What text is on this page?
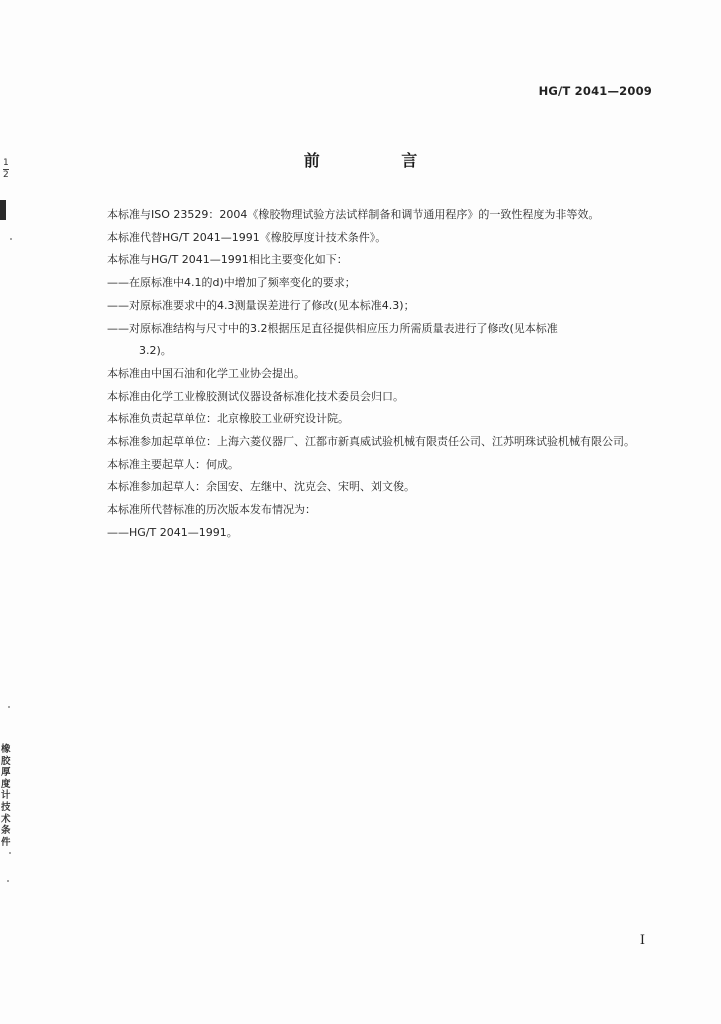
HG/T 2041—2009
前 言

本标准与ISO 23529：2004《橡胶物理试验方法试样制备和调节通用程序》的一致性程度为非等效。

本标准代替HG/T 2041—1991《橡胶厚度计技术条件》。

本标准与HG/T 2041—1991相比主要变化如下：

——在原标准中4.1的d)中增加了频率变化的要求；

——对原标准要求中的4.3测量误差进行了修改(见本标准4.3)；

——对原标准结构与尺寸中的3.2根据压足直径提供相应压力所需质量表进行了修改(见本标准

3.2)。

本标准由中国石油和化学工业协会提出。

本标准由化学工业橡胶测试仪器设备标准化技术委员会归口。

本标准负责起草单位：北京橡胶工业研究设计院。

本标准参加起草单位：上海六菱仪器厂、江都市新真威试验机械有限责任公司、江苏明珠试验机械有限公司。

本标准主要起草人：何成。

本标准参加起草人：余国安、左继中、沈克会、宋明、刘文俊。

本标准所代替标准的历次版本发布情况为：

——HG/T 2041—1991。

I
1
2
橡胶厚度计技术条件
